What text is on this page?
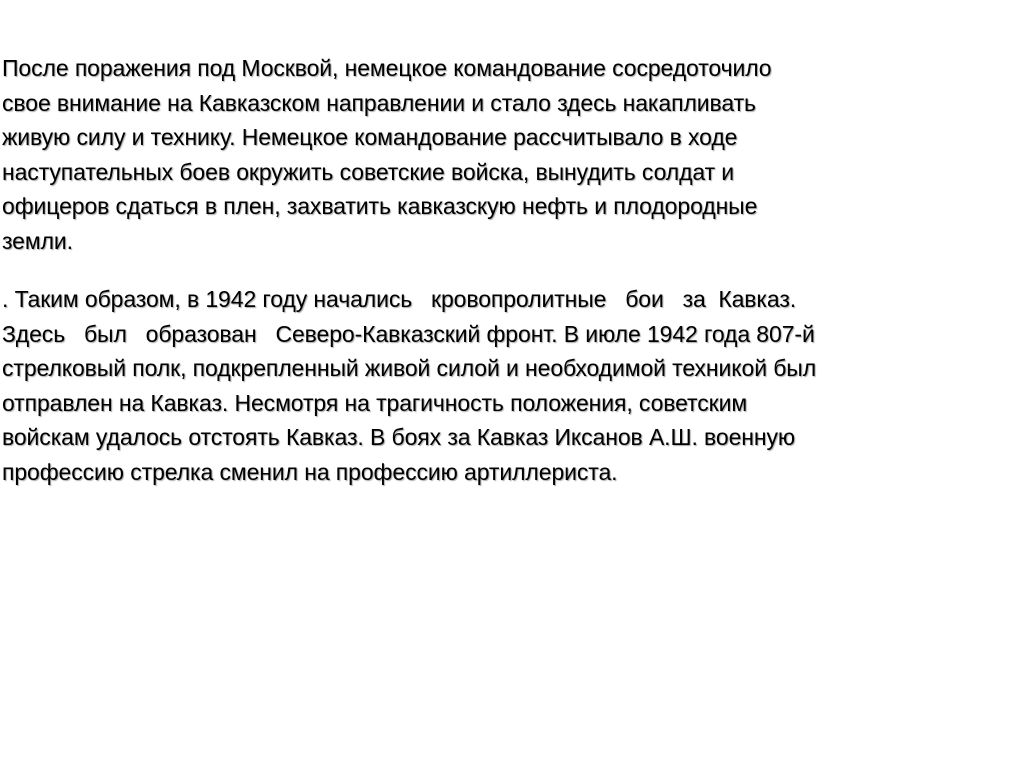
После поражения под Москвой, немецкое командование сосредоточило
свое внимание на Кавказском направлении и стало здесь накапливать
живую силу и технику. Немецкое командование рассчитывало в ходе
наступательных боев окружить советские войска, вынудить солдат и
офицеров сдаться в плен, захватить кавказскую нефть и плодородные
земли.
. Таким образом, в 1942 году начались   кровопролитные   бои   за  Кавказ.
Здесь   был   образован   Северо-Кавказский фронт. В июле 1942 года 807-й
стрелковый полк, подкрепленный живой силой и необходимой техникой был
отправлен на Кавказ. Несмотря на трагичность положения, советским
войскам удалось отстоять Кавказ. В боях за Кавказ Иксанов А.Ш. военную
профессию стрелка сменил на профессию артиллериста.
